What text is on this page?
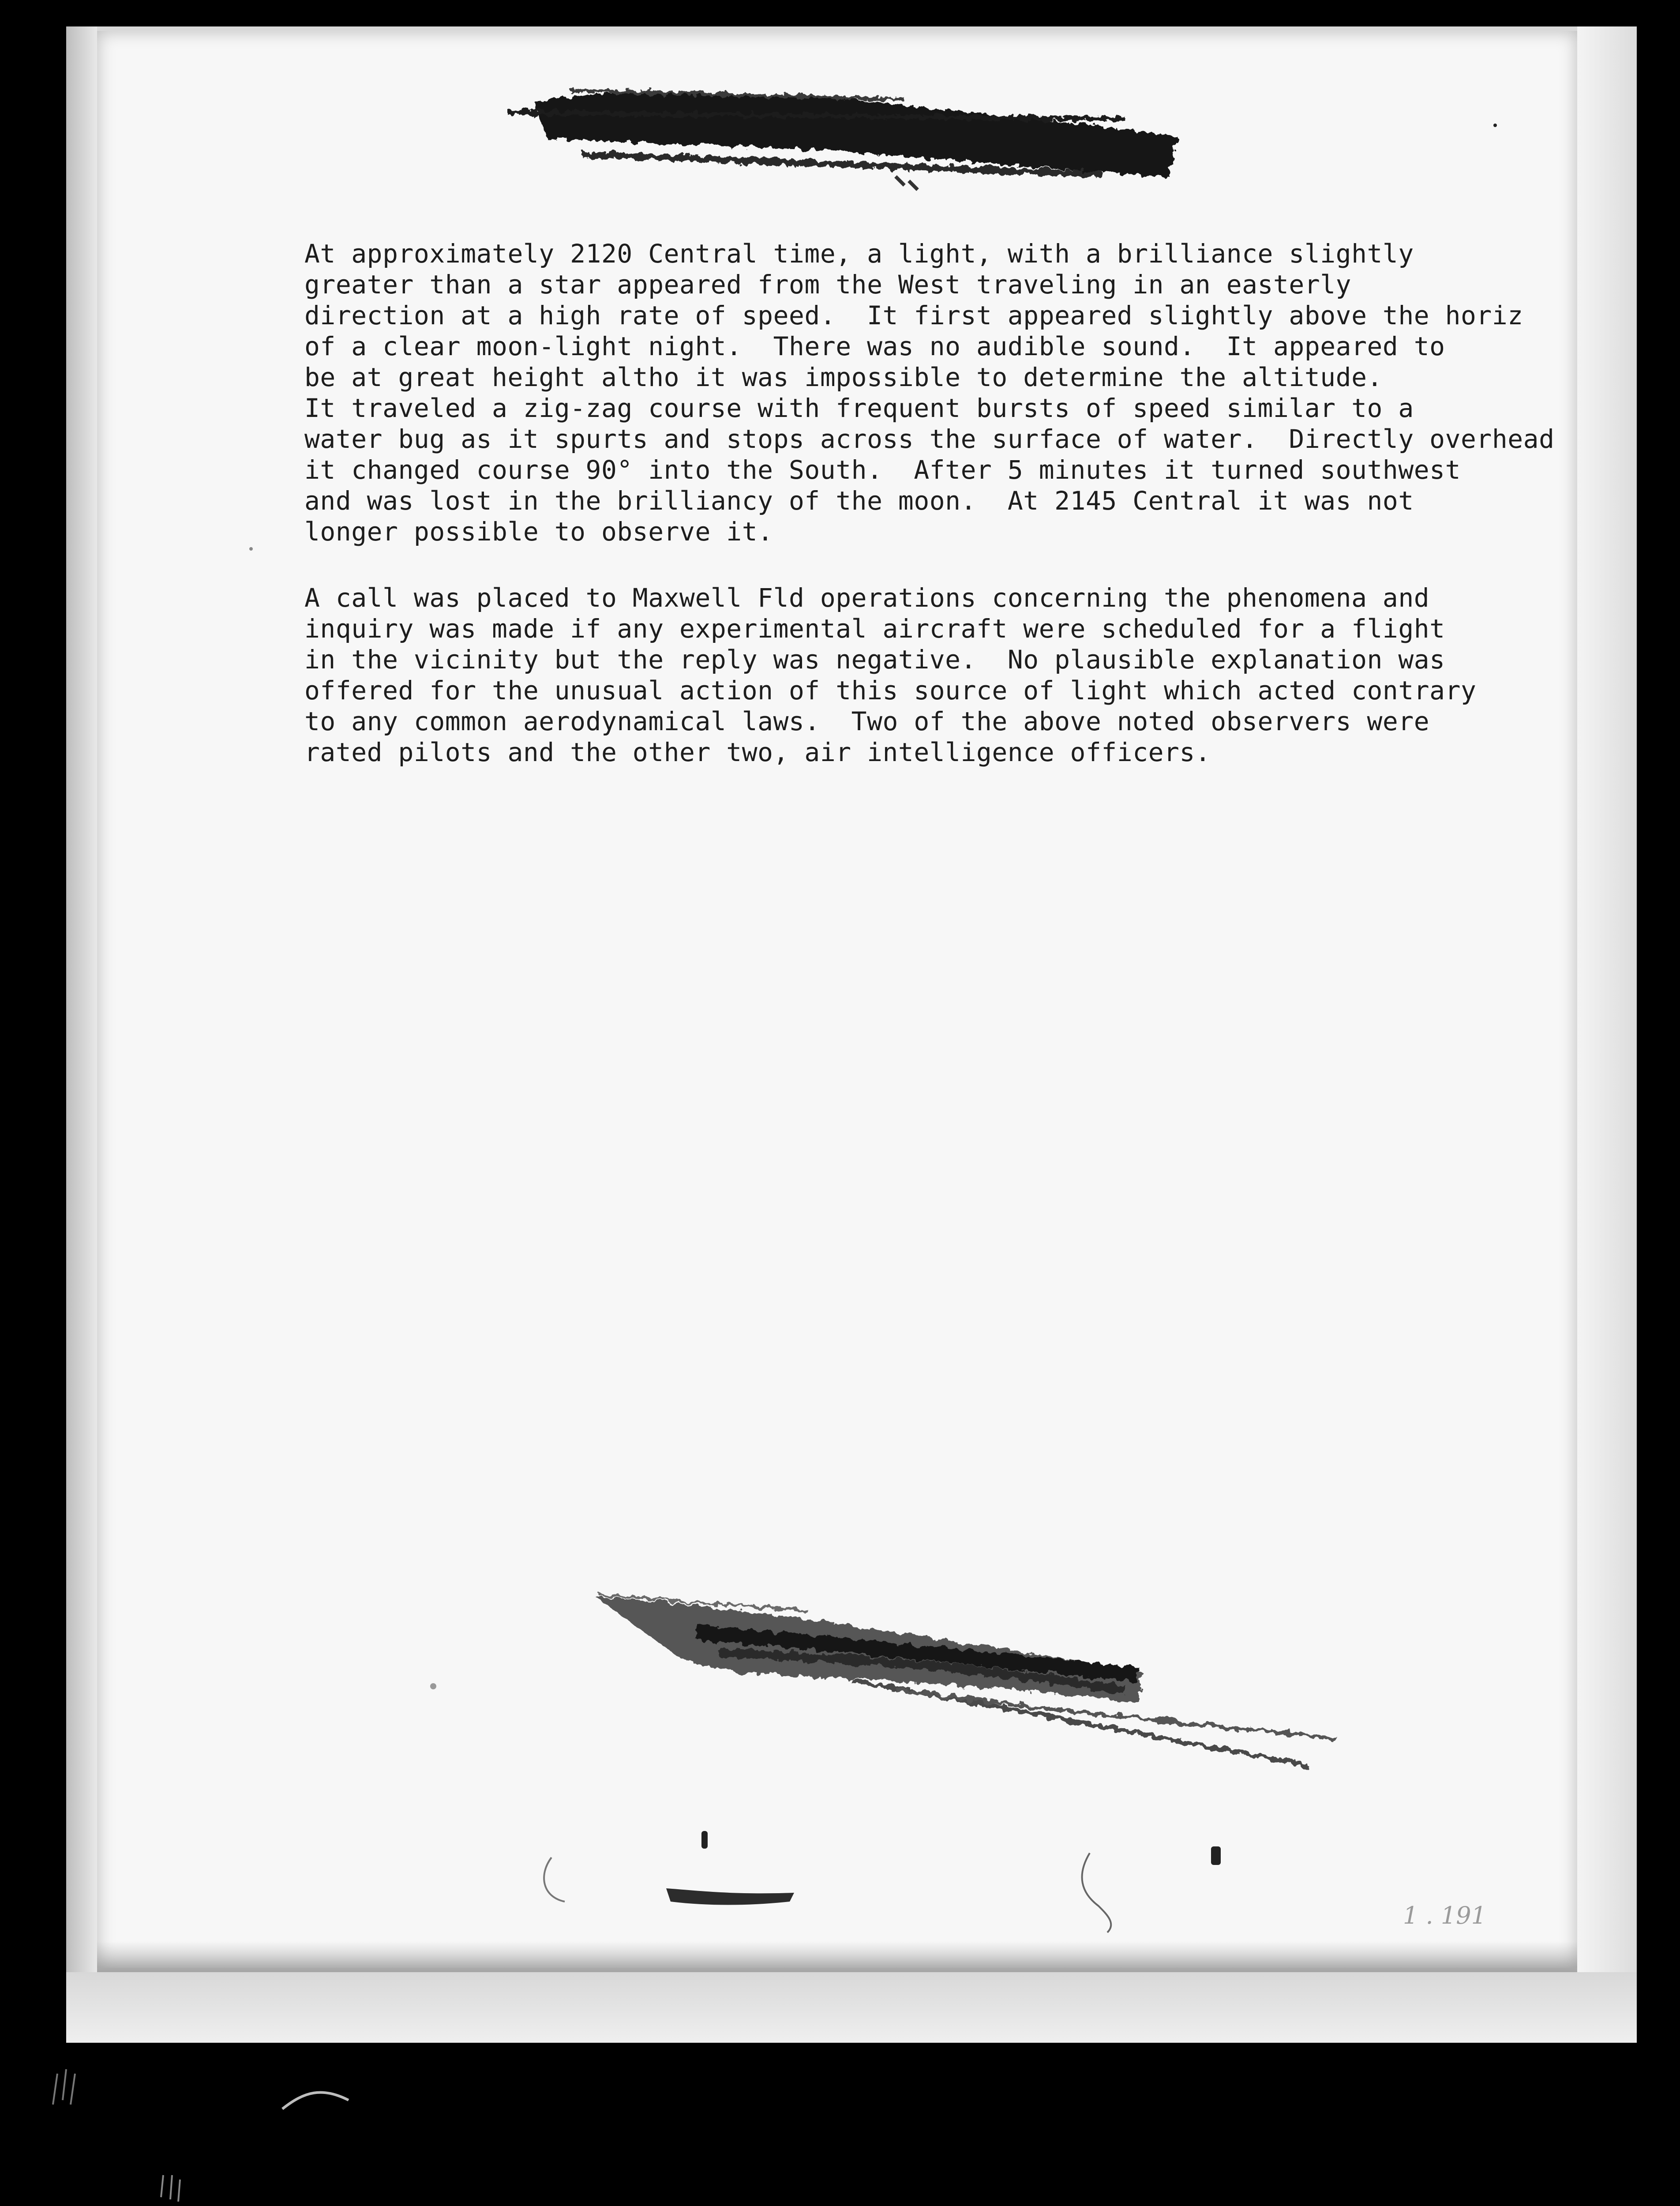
At approximately 2120 Central time, a light, with a brilliance slightly

greater than a star appeared from the West traveling in an easterly

direction at a high rate of speed.  It first appeared slightly above the horiz

of a clear moon-light night.  There was no audible sound.  It appeared to

be at great height altho it was impossible to determine the altitude.

It traveled a zig-zag course with frequent bursts of speed similar to a

water bug as it spurts and stops across the surface of water.  Directly overhead

it changed course 90° into the South.  After 5 minutes it turned southwest

and was lost in the brilliancy of the moon.  At 2145 Central it was not

longer possible to observe it.

A call was placed to Maxwell Fld operations concerning the phenomena and

inquiry was made if any experimental aircraft were scheduled for a flight

in the vicinity but the reply was negative.  No plausible explanation was

offered for the unusual action of this source of light which acted contrary

to any common aerodynamical laws.  Two of the above noted observers were

rated pilots and the other two, air intelligence officers.

1 . 191
